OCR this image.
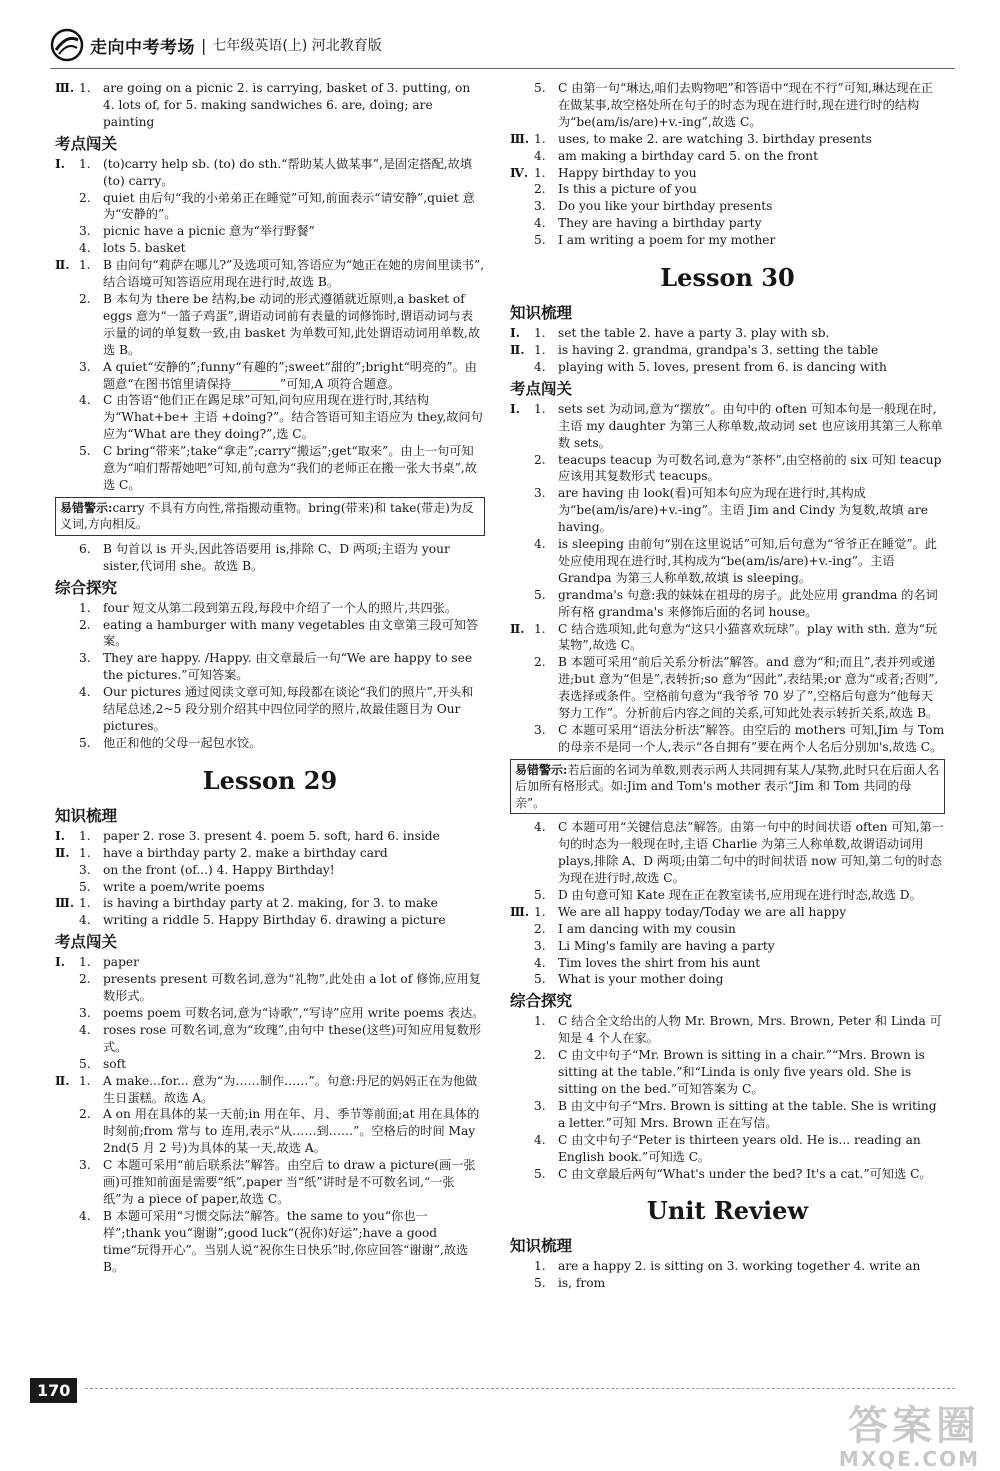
走向中考考场 | 七年级英语(上) 河北教育版
Ⅲ. 1.	are going on a picnic 2. is carrying, basket of 3. putting, on
4. lots of, for 5. making sandwiches 6. are, doing; are painting
考点闯关
Ⅰ.	1.	(to)carry help sb. (to) do sth.“帮助某人做某事”,是固定搭配,故填(to) carry。
2.	quiet 由后句“我的小弟弟正在睡觉”可知,前面表示“请安静”,quiet 意为“安静的”。
3.	picnic have a picnic 意为“举行野餐”
4.	lots 5. basket
Ⅱ. 1.	B 由问句“莉萨在哪儿?”及选项可知,答语应为“她正在她的房间里读书”,结合语境可知答语应用现在进行时,故选 B。
2.	B 本句为 there be 结构,be 动词的形式遵循就近原则,a basket of eggs 意为“一篮子鸡蛋”,谓语动词前有表量的词修饰时,谓语动词与表示量的词的单复数一致,由 basket 为单数可知,此处谓语动词用单数,故选 B。
3.	A quiet“安静的”;funny“有趣的”;sweet“甜的”;bright“明亮的”。由题意“在图书馆里请保持________”可知,A 项符合题意。
4.	C 由答语“他们正在踢足球”可知,问句应用现在进行时,其结构为“What+be+ 主语 +doing?”。结合答语可知主语应为 they,故问句应为“What are they doing?”,选 C。
5.	C bring“带来”;take“拿走”;carry“搬运”;get“取来”。由上一句可知意为“咱们帮帮她吧”可知,前句意为“我们的老师正在搬一张大书桌”,故选 C。
易错警示:carry 不具有方向性,常指搬动重物。bring(带来)和 take(带走)为反义词,方向相反。
6.	B 句首以 is 开头,因此答语要用 is,排除 C、D 两项;主语为 your sister,代词用 she。故选 B。
综合探究
1.	four 短文从第二段到第五段,每段中介绍了一个人的照片,共四张。
2.	eating a hamburger with many vegetables 由文章第三段可知答案。
3.	They are happy. /Happy. 由文章最后一句“We are happy to see the pictures.”可知答案。
4.	Our pictures 通过阅读文章可知,每段都在谈论“我们的照片”,开头和结尾总述,2~5 段分别介绍其中四位同学的照片,故最佳题目为 Our pictures。
5.	他正和他的父母一起包水饺。
Lesson 29
知识梳理
Ⅰ.	1.	paper 2. rose 3. present 4. poem 5. soft, hard 6. inside
Ⅱ. 1.	have a birthday party 2. make a birthday card
3.	on the front (of...) 4. Happy Birthday!
5.	write a poem/write poems
Ⅲ. 1.	is having a birthday party at 2. making, for 3. to make
4.	writing a riddle 5. Happy Birthday 6. drawing a picture
考点闯关
Ⅰ.	1.	paper
2.	presents present 可数名词,意为“礼物”,此处由 a lot of 修饰,应用复数形式。
3.	poems poem 可数名词,意为“诗歌”,“写诗”应用 write poems 表达。
4.	roses rose 可数名词,意为“玫瑰”,由句中 these(这些)可知应用复数形式。
5.	soft
Ⅱ. 1.	A make...for... 意为“为……制作……”。句意:丹尼的妈妈正在为他做生日蛋糕。故选 A。
2.	A on 用在具体的某一天前;in 用在年、月、季节等前面;at 用在具体的时刻前;from 常与 to 连用,表示“从……到……”。空格后的时间 May 2nd(5 月 2 号)为具体的某一天,故选 A。
3.	C 本题可采用“前后联系法”解答。由空后 to draw a picture(画一张画)可推知前面是需要“纸”,paper 当“纸”讲时是不可数名词,“一张纸”为 a piece of paper,故选 C。
4.	B 本题可采用“习惯交际法”解答。the same to you“你也一样”;thank you“谢谢”;good luck“(祝你)好运”;have a good time“玩得开心”。当别人说“祝你生日快乐”时,你应回答“谢谢”,故选 B。
5.	C 由第一句“琳达,咱们去购物吧”和答语中“现在不行”可知,琳达现在正在做某事,故空格处所在句子的时态为现在进行时,现在进行时的结构为“be(am/is/are)+v.-ing”,故选 C。
Ⅲ. 1.	uses, to make 2. are watching 3. birthday presents
4.	am making a birthday card 5. on the front
Ⅳ. 1.	Happy birthday to you
2.	Is this a picture of you
3.	Do you like your birthday presents
4.	They are having a birthday party
5.	I am writing a poem for my mother
Lesson 30
知识梳理
Ⅰ.	1.	set the table 2. have a party 3. play with sb.
Ⅱ. 1.	is having 2. grandma, grandpa's 3. setting the table
4.	playing with 5. loves, present from 6. is dancing with
考点闯关
Ⅰ.	1.	sets set 为动词,意为“摆放”。由句中的 often 可知本句是一般现在时,主语 my daughter 为第三人称单数,故动词 set 也应该用其第三人称单数 sets。
2.	teacups teacup 为可数名词,意为“茶杯”,由空格前的 six 可知 teacup 应该用其复数形式 teacups。
3.	are having 由 look(看)可知本句应为现在进行时,其构成为“be(am/is/are)+v.-ing”。主语 Jim and Cindy 为复数,故填 are having。
4.	is sleeping 由前句“别在这里说话”可知,后句意为“爷爷正在睡觉”。此处应使用现在进行时,其构成为“be(am/is/are)+v.-ing”。主语 Grandpa 为第三人称单数,故填 is sleeping。
5.	grandma's 句意:我的妹妹在祖母的房子。此处应用 grandma 的名词所有格 grandma's 来修饰后面的名词 house。
Ⅱ. 1.	C 结合选项知,此句意为“这只小猫喜欢玩球”。play with sth. 意为“玩某物”,故选 C。
2.	B 本题可采用“前后关系分析法”解答。and 意为“和;而且”,表并列或递进;but 意为“但是”,表转折;so 意为“因此”,表结果;or 意为“或者;否则”,表选择或条件。空格前句意为“我爷爷 70 岁了”,空格后句意为“他每天努力工作”。分析前后内容之间的关系,可知此处表示转折关系,故选 B。
3.	C 本题可采用“语法分析法”解答。由空后的 mothers 可知,Jim 与 Tom 的母亲不是同一个人,表示“各自拥有”要在两个人名后分别加's,故选 C。
易错警示:若后面的名词为单数,则表示两人共同拥有某人/某物,此时只在后面人名后加所有格形式。如:Jim and Tom's mother 表示“Jim 和 Tom 共同的母亲”。
4.	C 本题可用“关键信息法”解答。由第一句中的时间状语 often 可知,第一句的时态为一般现在时,主语 Charlie 为第三人称单数,故谓语动词用 plays,排除 A、D 两项;由第二句中的时间状语 now 可知,第二句的时态为现在进行时,故选 C。
5.	D 由句意可知 Kate 现在正在教室读书,应用现在进行时态,故选 D。
Ⅲ. 1.	We are all happy today/Today we are all happy
2.	I am dancing with my cousin
3.	Li Ming's family are having a party
4.	Tim loves the shirt from his aunt
5.	What is your mother doing
综合探究
1.	C 结合全文给出的人物 Mr. Brown, Mrs. Brown, Peter 和 Linda 可知是 4 个人在家。
2.	C 由文中句子“Mr. Brown is sitting in a chair.”“Mrs. Brown is sitting at the table.”和“Linda is only five years old. She is sitting on the bed.”可知答案为 C。
3.	B 由文中句子“Mrs. Brown is sitting at the table. She is writing a letter.”可知 Mrs. Brown 正在写信。
4.	C 由文中句子“Peter is thirteen years old. He is... reading an English book.”可知选 C。
5.	C 由文章最后两句“What's under the bed? It's a cat.”可知选 C。
Unit Review
知识梳理
1.	are a happy 2. is sitting on 3. working together 4. write an
5.	is, from
170
答案圈
MXQE.COM
